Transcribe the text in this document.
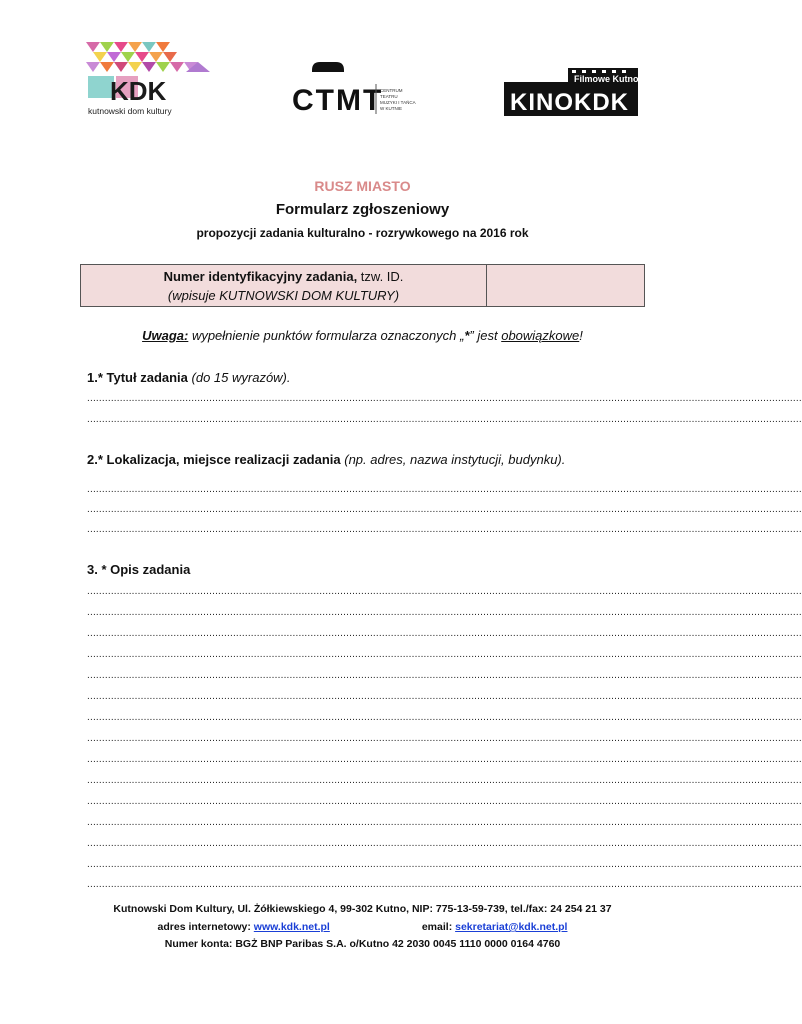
KDK
kutnowski dom kultury	CTMT
CENTRUM
TEATRU
MUZYKI I TAŃCA
W KUTNIE
Filmowe Kutno
KINOKDK
RUSZ MIASTO
Formularz zgłoszeniowy
propozycji zadania kulturalno - rozrywkowego na 2016 rok
Numer identyfikacyjny zadania, tzw. ID.
(wpisuje KUTNOWSKI DOM KULTURY)

Uwaga: wypełnienie punktów formularza oznaczonych „*” jest obowiązkowe!
1.* Tytuł zadania (do 15 wyrazów).
................................................................................................................................................................................................................................................
................................................................................................................................................................................................................................................
2.* Lokalizacja, miejsce realizacji zadania (np. adres, nazwa instytucji, budynku).
................................................................................................................................................................................................................................................
................................................................................................................................................................................................................................................
................................................................................................................................................................................................................................................
3. * Opis zadania
................................................................................................................................................................................................................................................
................................................................................................................................................................................................................................................
................................................................................................................................................................................................................................................
................................................................................................................................................................................................................................................
................................................................................................................................................................................................................................................
................................................................................................................................................................................................................................................
................................................................................................................................................................................................................................................
................................................................................................................................................................................................................................................
................................................................................................................................................................................................................................................
................................................................................................................................................................................................................................................
................................................................................................................................................................................................................................................
................................................................................................................................................................................................................................................
................................................................................................................................................................................................................................................
................................................................................................................................................................................................................................................
................................................................................................................................................................................................................................................
Kutnowski Dom Kultury, Ul. Żółkiewskiego 4, 99-302 Kutno, NIP: 775-13-59-739, tel./fax: 24 254 21 37
adres internetowy: www.kdk.net.pl	email: sekretariat@kdk.net.pl
Numer konta: BGŻ BNP Paribas S.A. o/Kutno 42 2030 0045 1110 0000 0164 4760
